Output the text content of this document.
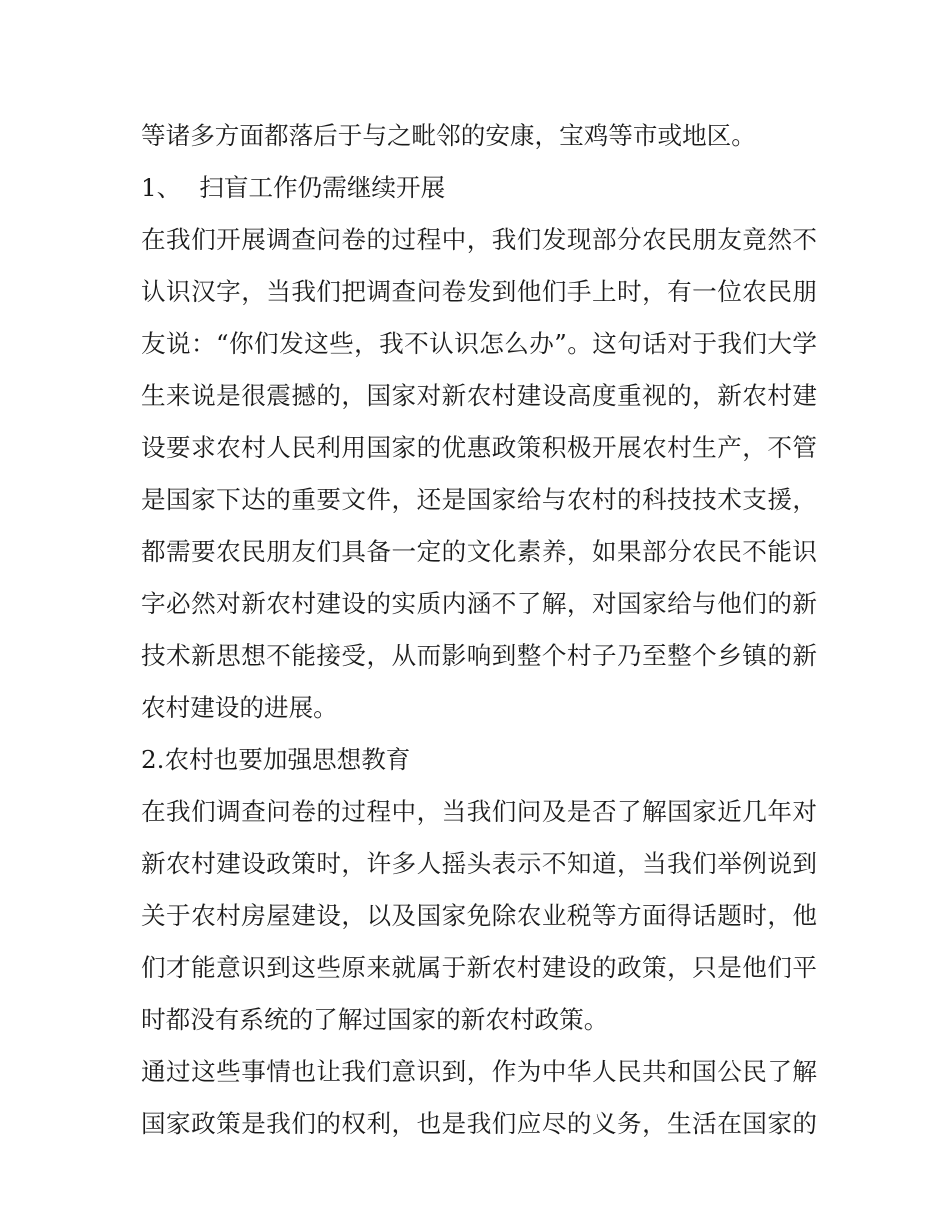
等诸多方面都落后于与之毗邻的安康，宝鸡等市或地区。
1、 扫盲工作仍需继续开展
在我们开展调查问卷的过程中，我们发现部分农民朋友竟然不
认识汉字，当我们把调查问卷发到他们手上时，有一位农民朋
友说：“你们发这些，我不认识怎么办”。这句话对于我们大学
生来说是很震撼的，国家对新农村建设高度重视的，新农村建
设要求农村人民利用国家的优惠政策积极开展农村生产，不管
是国家下达的重要文件，还是国家给与农村的科技技术支援，
都需要农民朋友们具备一定的文化素养，如果部分农民不能识
字必然对新农村建设的实质内涵不了解，对国家给与他们的新
技术新思想不能接受，从而影响到整个村子乃至整个乡镇的新
农村建设的进展。
2.农村也要加强思想教育
在我们调查问卷的过程中，当我们问及是否了解国家近几年对
新农村建设政策时，许多人摇头表示不知道，当我们举例说到
关于农村房屋建设，以及国家免除农业税等方面得话题时，他
们才能意识到这些原来就属于新农村建设的政策，只是他们平
时都没有系统的了解过国家的新农村政策。
通过这些事情也让我们意识到，作为中华人民共和国公民了解
国家政策是我们的权利，也是我们应尽的义务，生活在国家的
